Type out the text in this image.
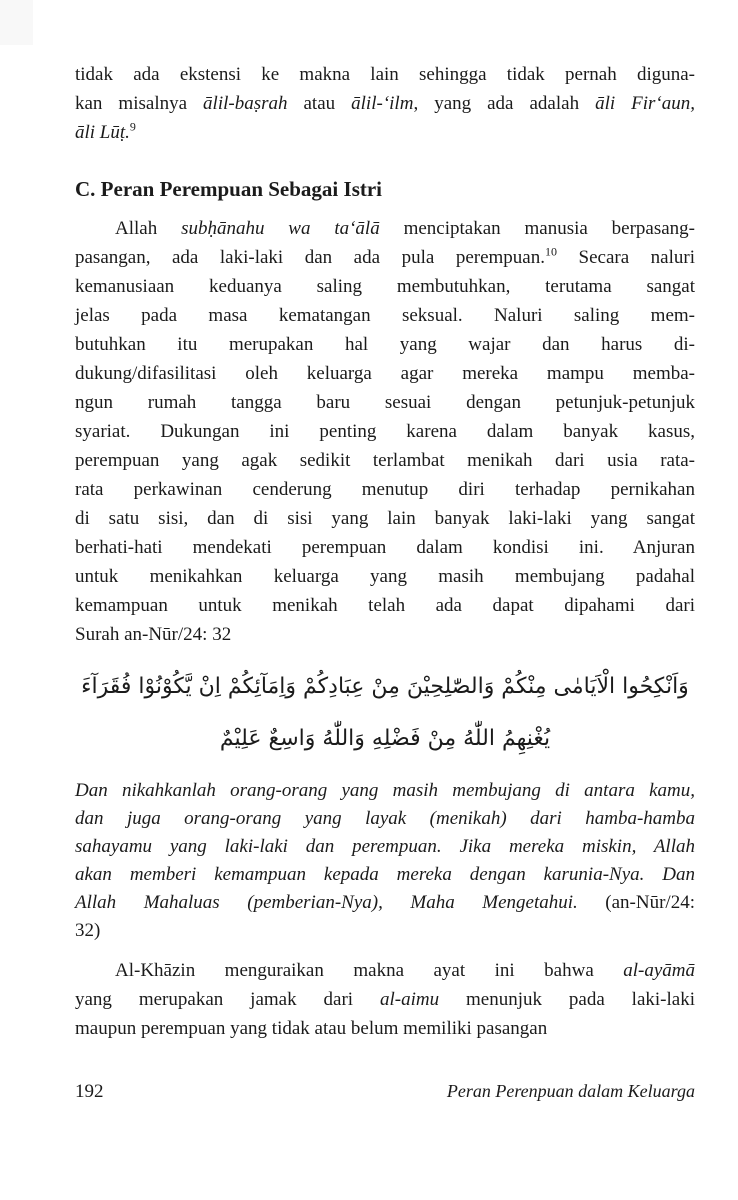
tidak ada ekstensi ke makna lain sehingga tidak pernah diguna-
kan misalnya ālil-baṣrah atau ālil-‘ilm, yang ada adalah āli Fir‘aun,
āli Lūṭ.$^9$
C. Peran Perempuan Sebagai Istri
Allah subḥānahu wa ta‘ālā menciptakan manusia berpasang-
pasangan, ada laki-laki dan ada pula perempuan.$^{10}$ Secara naluri
kemanusiaan keduanya saling membutuhkan, terutama sangat
jelas pada masa kematangan seksual. Naluri saling mem-
butuhkan itu merupakan hal yang wajar dan harus di-
dukung/difasilitasi oleh keluarga agar mereka mampu memba-
ngun rumah tangga baru sesuai dengan petunjuk-petunjuk
syariat. Dukungan ini penting karena dalam banyak kasus,
perempuan yang agak sedikit terlambat menikah dari usia rata-
rata perkawinan cenderung menutup diri terhadap pernikahan
di satu sisi, dan di sisi yang lain banyak laki-laki yang sangat
berhati-hati mendekati perempuan dalam kondisi ini. Anjuran
untuk menikahkan keluarga yang masih membujang padahal
kemampuan untuk menikah telah ada dapat dipahami dari
Surah an-Nūr/24: 32
وَاَنْكِحُوا الْاَيَامٰى مِنْكُمْ وَالصّٰلِحِيْنَ مِنْ عِبَادِكُمْ وَاِمَآئِكُمْ اِنْ يَّكُوْنُوْا فُقَرَآءَ
يُغْنِهِمُ اللّٰهُ مِنْ فَضْلِهِ وَاللّٰهُ وَاسِعٌ عَلِيْمٌ
Dan nikahkanlah orang-orang yang masih membujang di antara kamu,
dan juga orang-orang yang layak (menikah) dari hamba-hamba
sahayamu yang laki-laki dan perempuan. Jika mereka miskin, Allah
akan memberi kemampuan kepada mereka dengan karunia-Nya. Dan
Allah Mahaluas (pemberian-Nya), Maha Mengetahui. (an-Nūr/24:
32)
Al-Khāzin menguraikan makna ayat ini bahwa al-ayāmā
yang merupakan jamak dari al-aimu menunjuk pada laki-laki
maupun perempuan yang tidak atau belum memiliki pasangan
192	Peran Perenpuan dalam Keluarga
